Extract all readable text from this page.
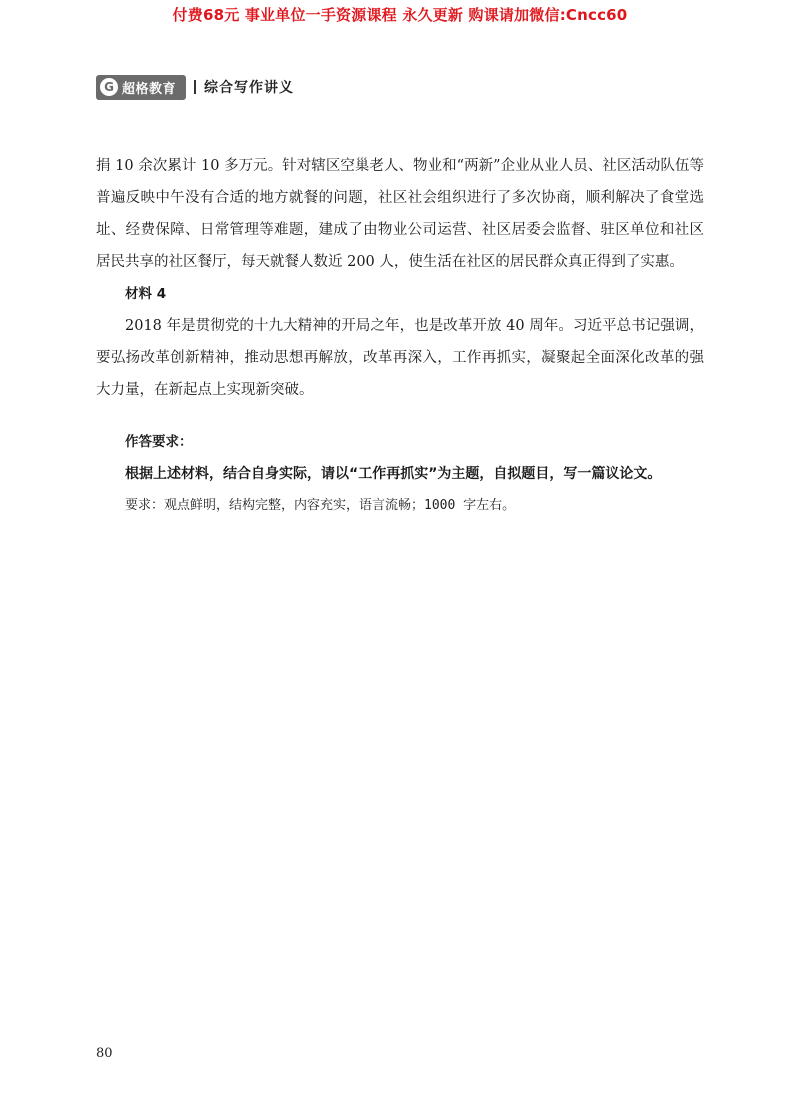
付费68元 事业单位一手资源课程 永久更新 购课请加微信:Cncc60
G 超格教育 综合写作讲义

捐 10 余次累计 10 多万元。针对辖区空巢老人、物业和“两新”企业从业人员、社区活动队伍等普遍反映中午没有合适的地方就餐的问题，社区社会组织进行了多次协商，顺利解决了食堂选址、经费保障、日常管理等难题，建成了由物业公司运营、社区居委会监督、驻区单位和社区居民共享的社区餐厅，每天就餐人数近 200 人，使生活在社区的居民群众真正得到了实惠。

材料 4

2018 年是贯彻党的十九大精神的开局之年，也是改革开放 40 周年。习近平总书记强调，要弘扬改革创新精神，推动思想再解放，改革再深入，工作再抓实，凝聚起全面深化改革的强大力量，在新起点上实现新突破。

作答要求：

根据上述材料，结合自身实际，请以“工作再抓实”为主题，自拟题目，写一篇议论文。

要求：观点鲜明，结构完整，内容充实，语言流畅；1000 字左右。

80
